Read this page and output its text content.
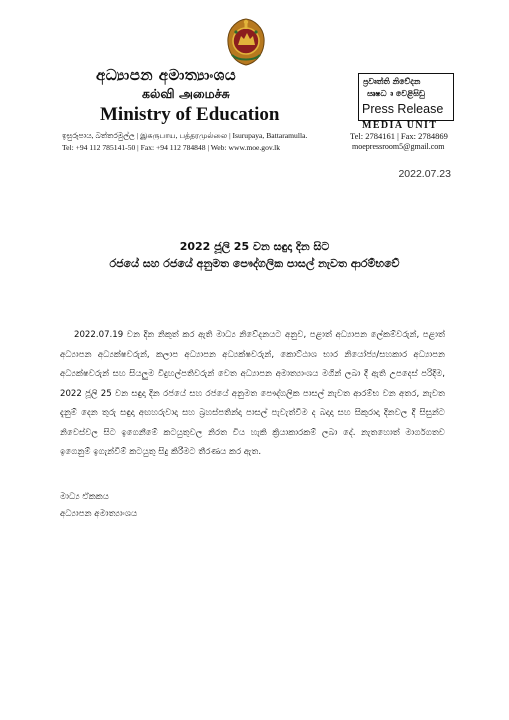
අධ්‍යාපන අමාත්‍යාංශය
கல்வி அமைச்சு
Ministry of Education
ඉසුරුපාය, බත්තරමුල්ල | இசுருபாய, பத்தரமுல்லை | Isurupaya, Battaramulla.
Tel: +94 112 785141-50 | Fax: +94 112 784848 | Web: www.moe.gov.lk
ප්‍රවෘත්ති නිවේදන
ඍෂධ ෘ වෙළිඝිඩු
Press Release
MEDIA UNIT
Tel: 2784161 | Fax: 2784869
moepressroom5@gmail.com
2022.07.23
2022 ජූලි 25 වන සඳුදා දින සිට
රජයේ සහ රජයේ අනුමත පෞද්ගලික පාසල් නැවත ආරම්භවේ
2022.07.19 වන දින නිකුත් කර ඇති මාධ්‍ය නිවේදනයට අනුව, පළාත් අධ්‍යාපන ලේකම්වරුන්, පළාත් අධ්‍යාපන අධ්‍යක්ෂවරුන්, කලාප අධ්‍යාපන අධ්‍යක්ෂවරුන්, කොට්ඨාශ භාර නියෝජ්‍ය/සහකාර අධ්‍යාපන අධ්‍යක්ෂවරුන් සහ සියලුම විදුහල්පතිවරුන් වෙත අධ්‍යාපන අමාත්‍යාංශය මගින් ලබා දී ඇති උපදෙස් පරිදිම, 2022 ජූලි 25 වන සඳුදා දින රජයේ සහ රජයේ අනුමත පෞද්ගලික පාසල් නැවත ආරම්භ වන අතර, නැවත දැනුම් දෙන තුරු සඳුදා අඟහරුවාදා සහ බ්‍රහස්පතින්දා පාසල් පැවැත්වීම ද බදාදා සහ සිකුරාදා දිනවල දී සිසුන්ට නිවෙස්වල සිට ඉගෙනීමේ කටයුතුවල නිරත විය හැකි ක්‍රියාකාරකම් ලබා දේ. නැතහොත් මාර්ගගතව ඉගෙනුම් ඉගැන්වීම් කටයුතු සිදු කිරීමට තීරණය කර ඇත.
මාධ්‍ය ඒකකය
අධ්‍යාපන අමාත්‍යාංශය
